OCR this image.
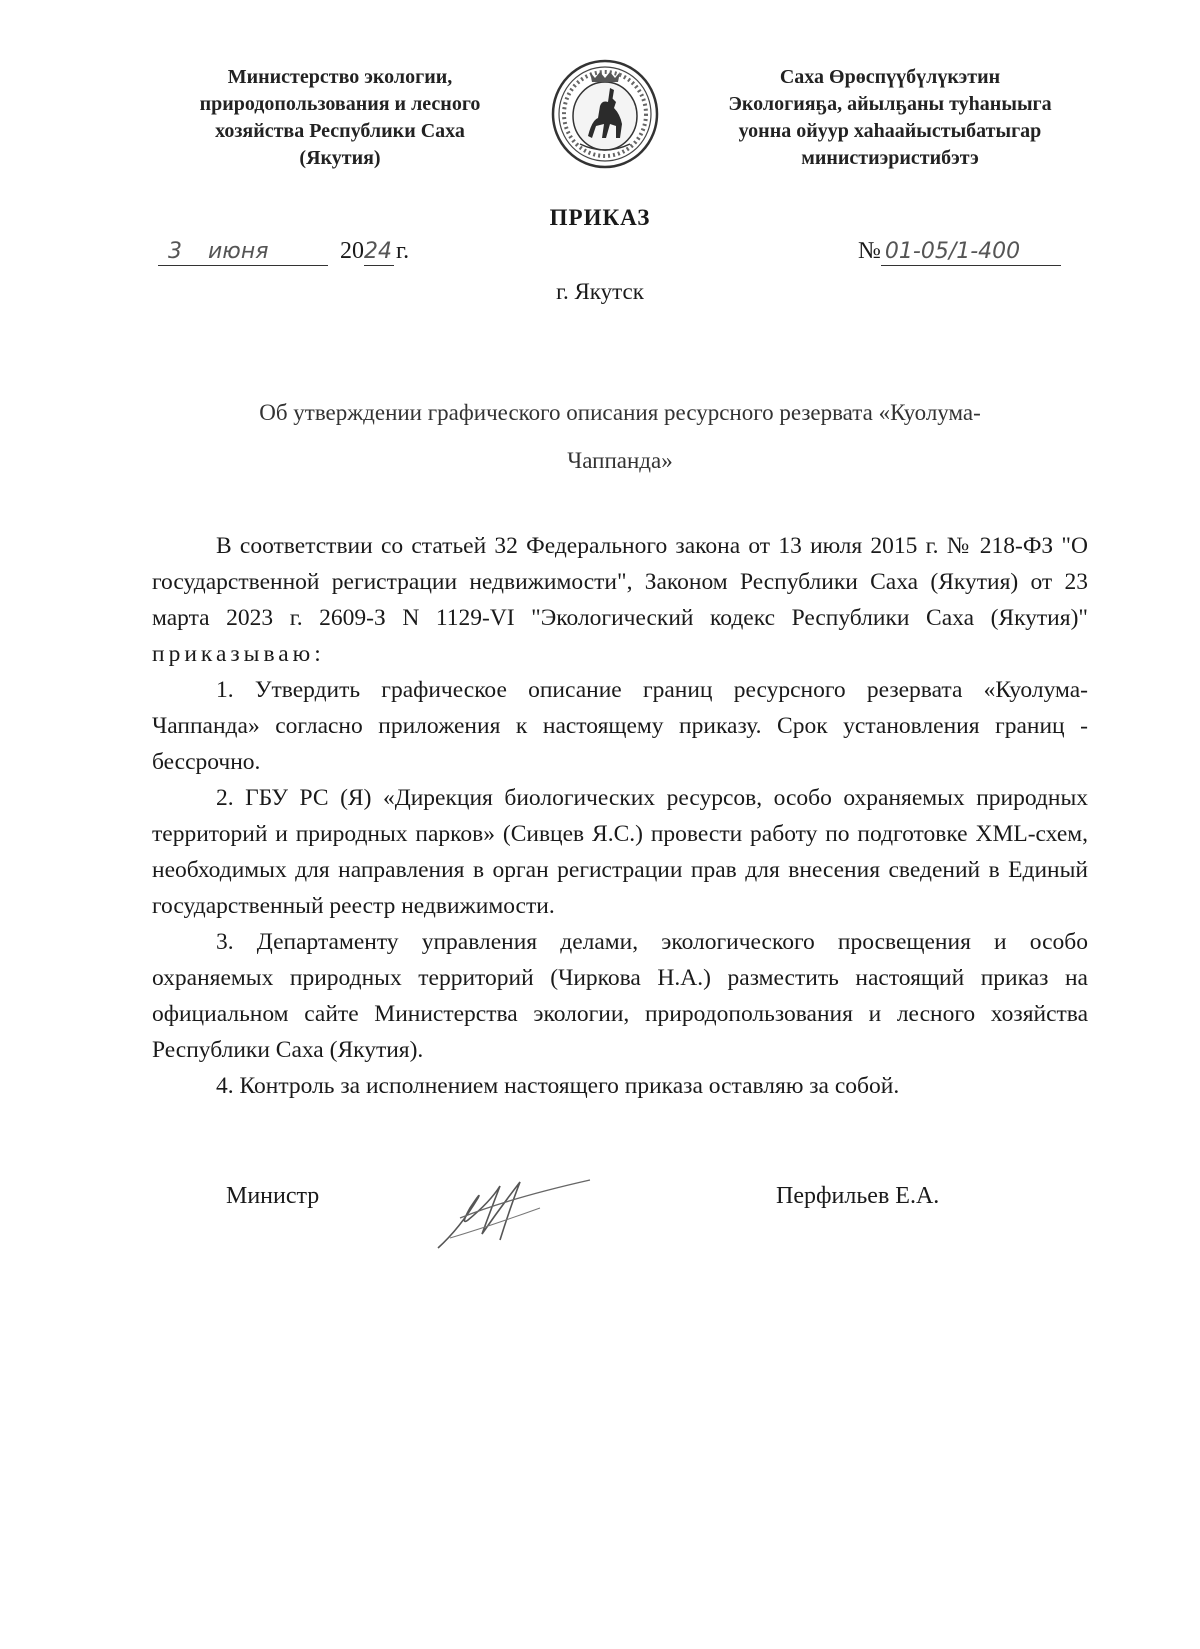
Министерство экологии,
природопользования и лесного
хозяйства Республики Саха
(Якутия)
Саха Өрөспүүбүлүкэтин
Экологияҕа, айылҕаны туһаныыга
уонна ойуур хаһаайыстыбатыгар
министиэристибэтэ
ПРИКАЗ
3 июня	2024 г.	№ 01-05/1-400
г. Якутск
Об утверждении графического описания ресурсного резервата «Куолума-
Чаппанда»

В соответствии со статьей 32 Федерального закона от 13 июля 2015 г. № 218-ФЗ "О государственной регистрации недвижимости", Законом Республики Саха (Якутия) от 23 марта 2023 г. 2609-З N 1129-VI "Экологический кодекс Республики Саха (Якутия)" приказываю:

1. Утвердить графическое описание границ ресурсного резервата «Куолума-Чаппанда» согласно приложения к настоящему приказу. Срок установления границ - бессрочно.

2. ГБУ РС (Я) «Дирекция биологических ресурсов, особо охраняемых природных территорий и природных парков» (Сивцев Я.С.) провести работу по подготовке XML-схем, необходимых для направления в орган регистрации прав для внесения сведений в Единый государственный реестр недвижимости.

3. Департаменту управления делами, экологического просвещения и особо охраняемых природных территорий (Чиркова Н.А.) разместить настоящий приказ на официальном сайте Министерства экологии, природопользования и лесного хозяйства Республики Саха (Якутия).

4. Контроль за исполнением настоящего приказа оставляю за собой.

Министр	Перфильев Е.А.
